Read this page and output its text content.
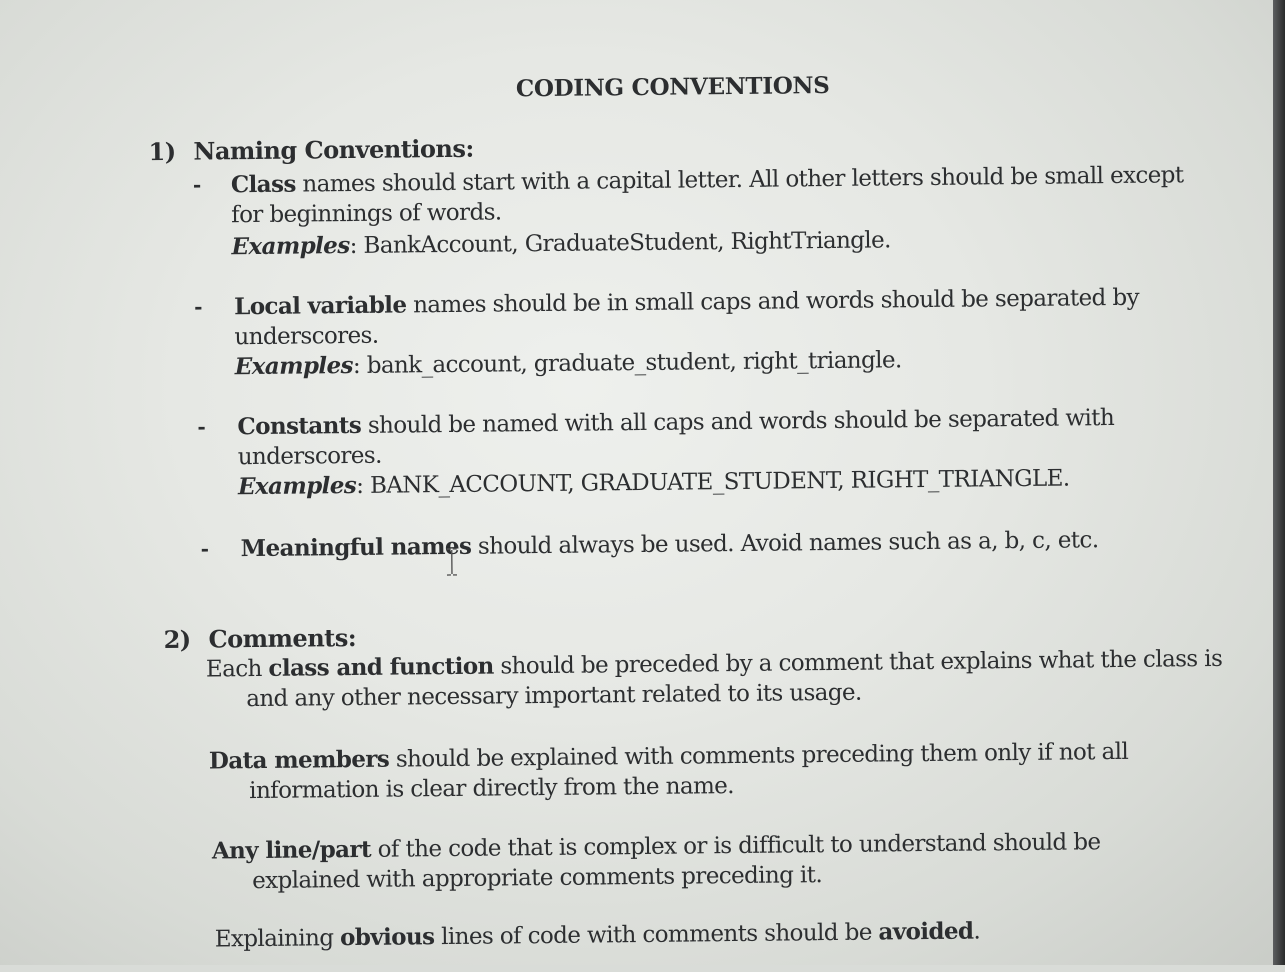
CODING CONVENTIONS
1) Naming Conventions:
- Class names should start with a capital letter. All other letters should be small except
for beginnings of words.
Examples: BankAccount, GraduateStudent, RightTriangle.
- Local variable names should be in small caps and words should be separated by
underscores.
Examples: bank_account, graduate_student, right_triangle.
- Constants should be named with all caps and words should be separated with
underscores.
Examples: BANK_ACCOUNT, GRADUATE_STUDENT, RIGHT_TRIANGLE.
- Meaningful names should always be used. Avoid names such as a, b, c, etc.
2) Comments:
Each class and function should be preceded by a comment that explains what the class is
and any other necessary important related to its usage.
Data members should be explained with comments preceding them only if not all
information is clear directly from the name.
Any line/part of the code that is complex or is difficult to understand should be
explained with appropriate comments preceding it.
Explaining obvious lines of code with comments should be avoided.
